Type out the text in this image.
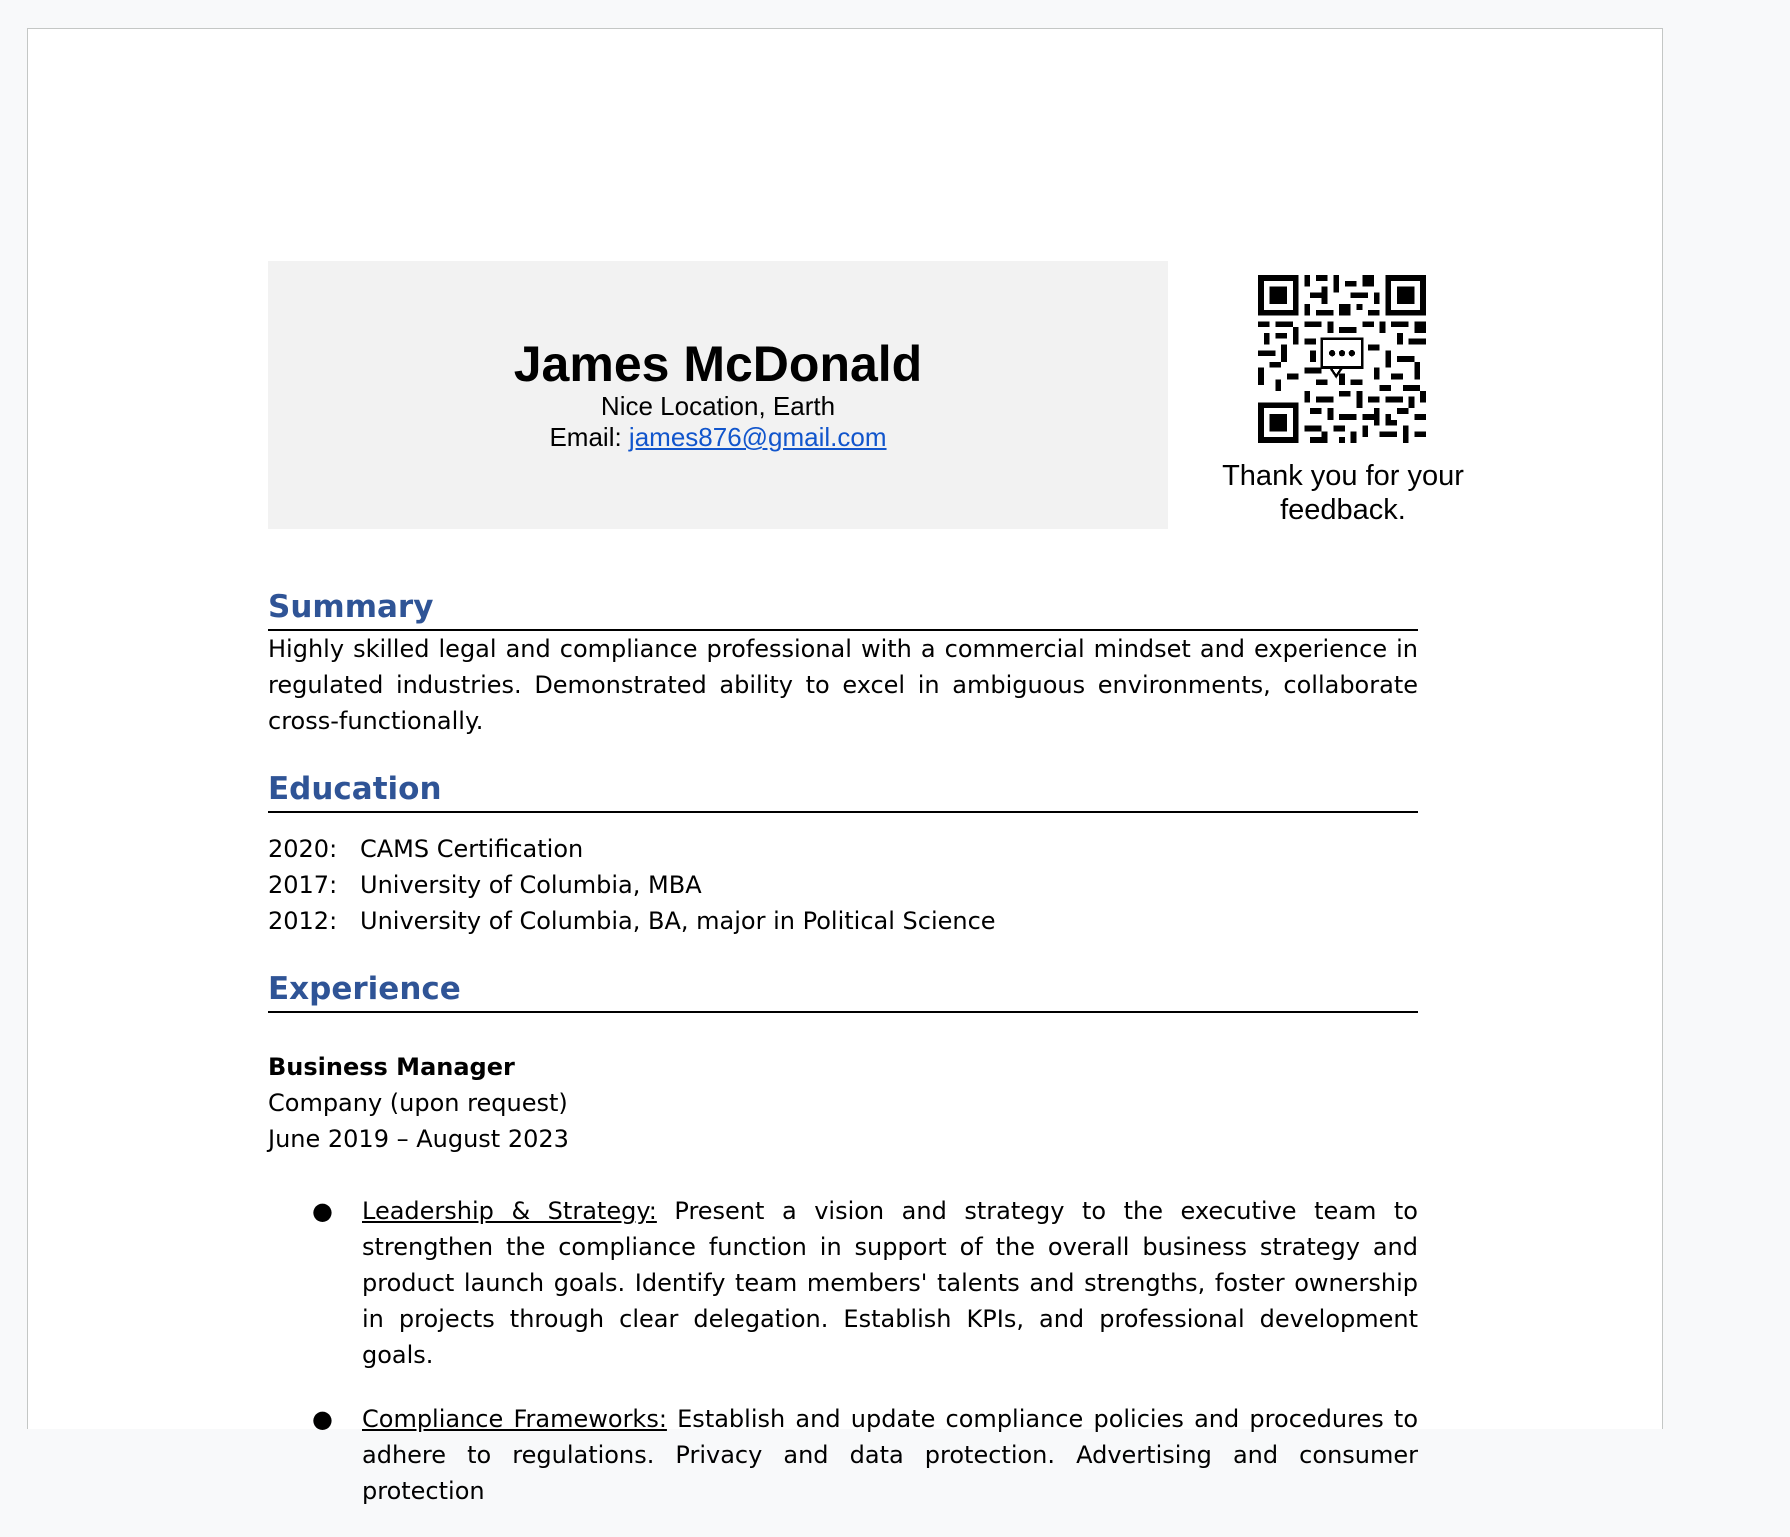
James McDonald
Nice Location, Earth
Email: james876@gmail.com
Thank you for your feedback.
Summary

Highly skilled legal and compliance professional with a commercial mindset and experience in regulated industries. Demonstrated ability to excel in ambiguous environments, collaborate cross-functionally.

Education
2020: CAMS Certification
2017: University of Columbia, MBA
2012: University of Columbia, BA, major in Political Science
Experience
Business Manager
Company (upon request)
June 2019 – August 2023
● Leadership & Strategy: Present a vision and strategy to the executive team to strengthen the compliance function in support of the overall business strategy and product launch goals. Identify team members' talents and strengths, foster ownership in projects through clear delegation. Establish KPIs, and professional development goals.
● Compliance Frameworks: Establish and update compliance policies and procedures to adhere to regulations. Privacy and data protection. Advertising and consumer protection
